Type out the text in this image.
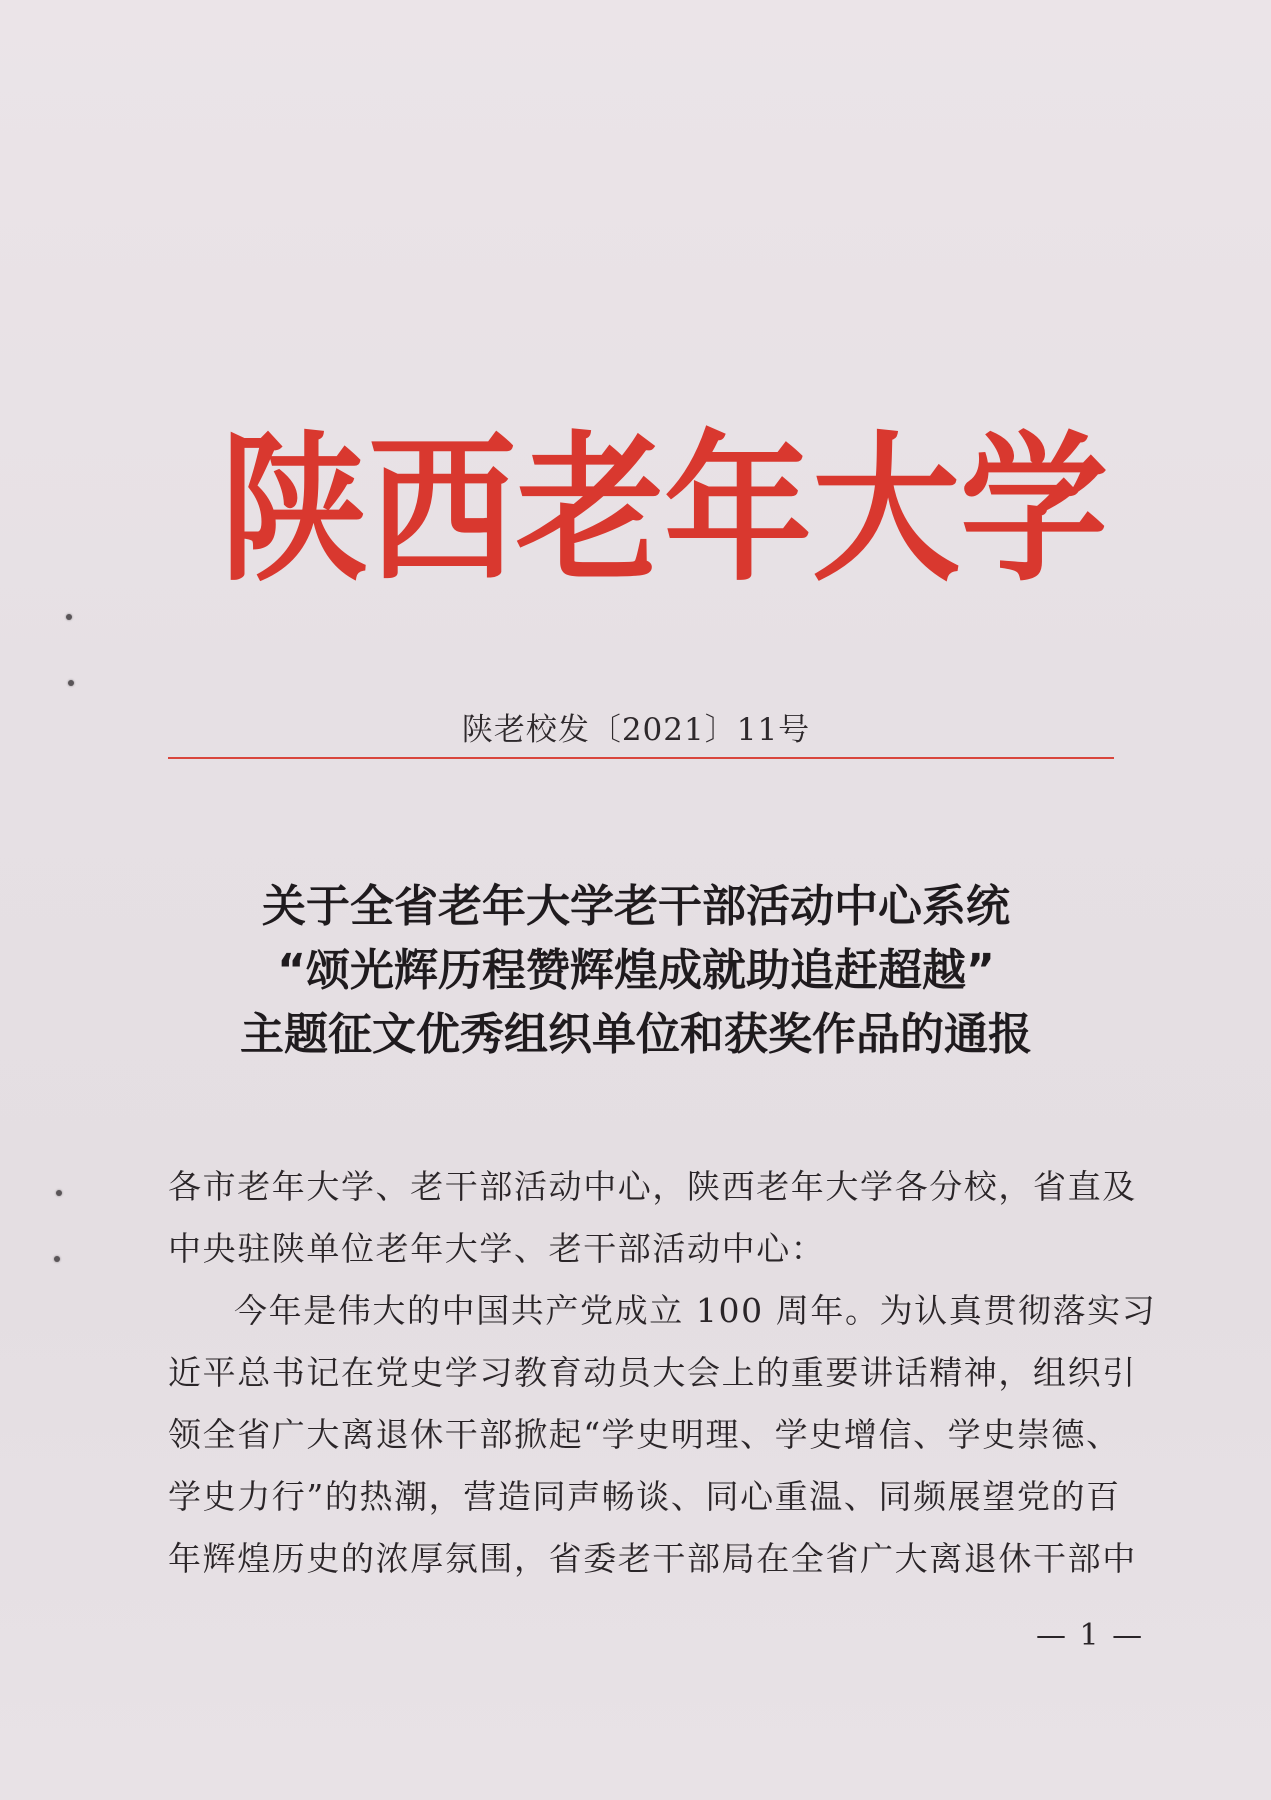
陕 西 老 年 大 学
陕老校发〔2021〕11号
关于全省老年大学老干部活动中心系统
“颂光辉历程赞辉煌成就助追赶超越”
主题征文优秀组织单位和获奖作品的通报
各市老年大学、老干部活动中心，陕西老年大学各分校，省直及
中央驻陕单位老年大学、老干部活动中心：
今年是伟大的中国共产党成立 100 周年。为认真贯彻落实习
近平总书记在党史学习教育动员大会上的重要讲话精神，组织引
领全省广大离退休干部掀起“学史明理、学史增信、学史崇德、
学史力行”的热潮，营造同声畅谈、同心重温、同频展望党的百
年辉煌历史的浓厚氛围，省委老干部局在全省广大离退休干部中
— 1 —
